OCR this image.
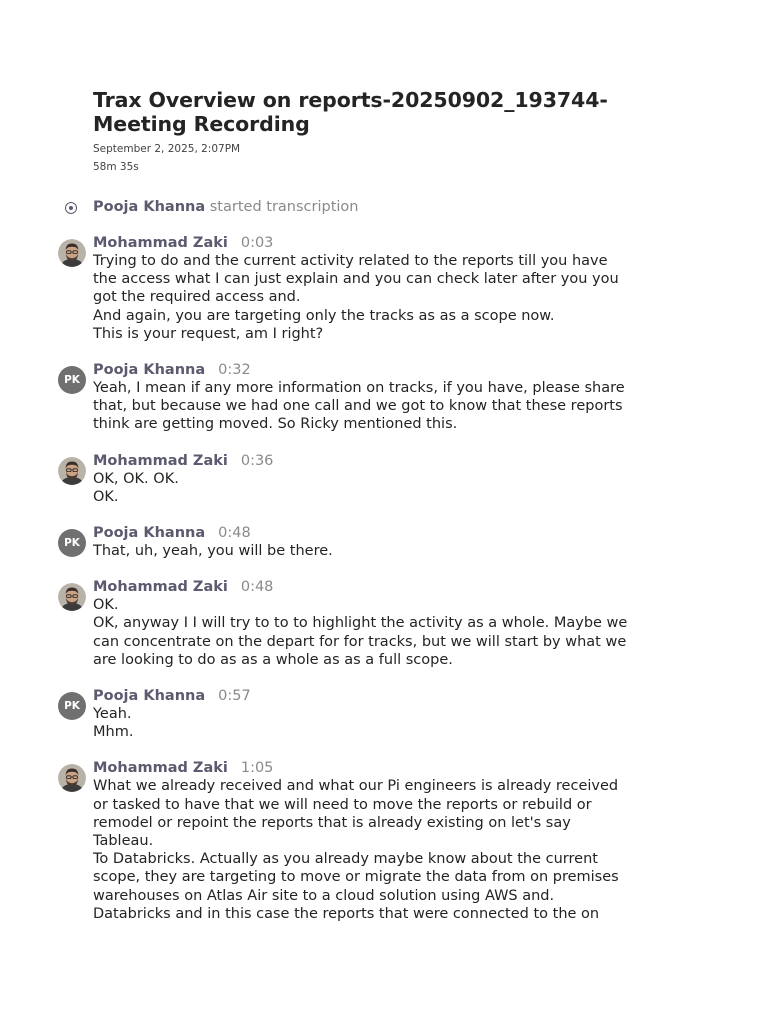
Trax Overview on reports-20250902_193744-
Meeting Recording
September 2, 2025, 2:07PM
58m 35s
Pooja Khanna started transcription
Mohammad Zaki 0:03
Trying to do and the current activity related to the reports till you have
the access what I can just explain and you can check later after you you
got the required access and.
And again, you are targeting only the tracks as as a scope now.
This is your request, am I right?
PK
Pooja Khanna 0:32
Yeah, I mean if any more information on tracks, if you have, please share
that, but because we had one call and we got to know that these reports
think are getting moved. So Ricky mentioned this.
Mohammad Zaki 0:36
OK, OK. OK.
OK.
PK
Pooja Khanna 0:48
That, uh, yeah, you will be there.
Mohammad Zaki 0:48
OK.
OK, anyway I I will try to to to highlight the activity as a whole. Maybe we
can concentrate on the depart for for tracks, but we will start by what we
are looking to do as as a whole as as a full scope.
PK
Pooja Khanna 0:57
Yeah.
Mhm.
Mohammad Zaki 1:05
What we already received and what our Pi engineers is already received
or tasked to have that we will need to move the reports or rebuild or
remodel or repoint the reports that is already existing on let's say
Tableau.
To Databricks. Actually as you already maybe know about the current
scope, they are targeting to move or migrate the data from on premises
warehouses on Atlas Air site to a cloud solution using AWS and.
Databricks and in this case the reports that were connected to the on
